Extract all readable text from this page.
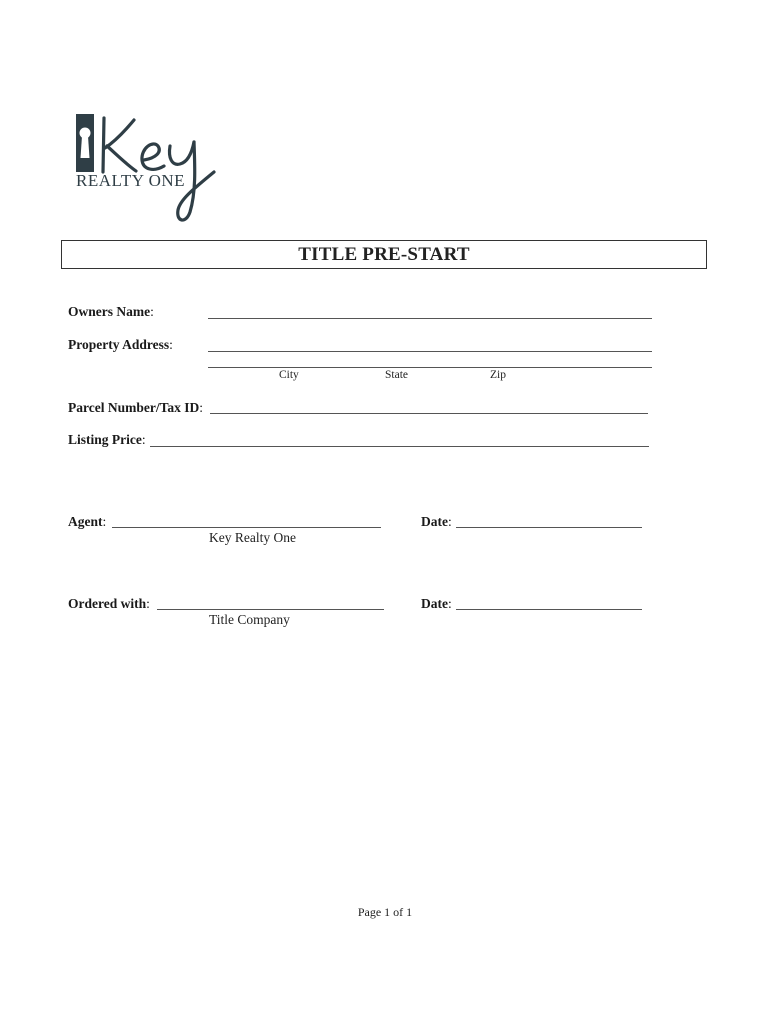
REALTY ONE
TITLE PRE-START
Owners Name:
Property Address:
City	State	Zip
Parcel Number/Tax ID:
Listing Price:
Agent:
Key Realty One
Date:
Ordered with:
Title Company
Date:
Page 1 of 1
